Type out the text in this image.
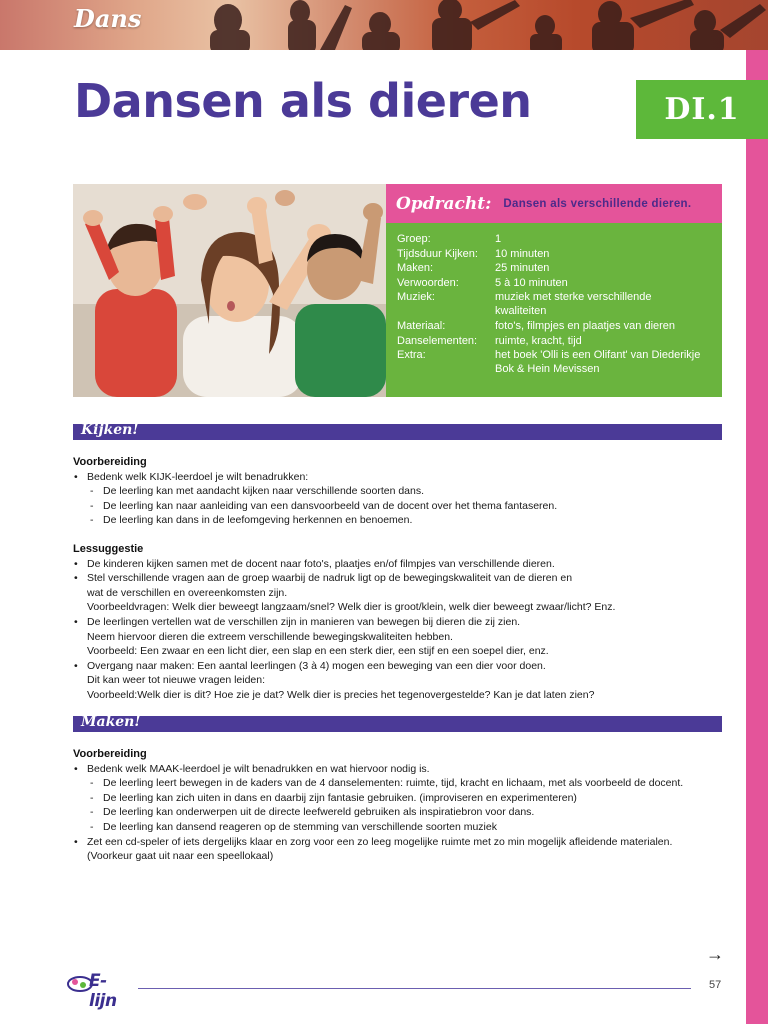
Dans
Dansen als dieren	DI.1
Opdracht: Dansen als verschillende dieren.
Groep:	1
Tijdsduur Kijken:	10 minuten
Maken:	25 minuten
Verwoorden:	5 à 10 minuten
Muziek:	muziek met sterke verschillende kwaliteiten
Materiaal:	foto's, filmpjes en plaatjes van dieren
Danselementen:	ruimte, kracht, tijd
Extra:	het boek 'Olli is een Olifant' van Diederikje Bok & Hein Mevissen
Kijken!
Voorbereiding
• Bedenk welk KIJK-leerdoel je wilt benadrukken:
- De leerling kan met aandacht kijken naar verschillende soorten dans.
- De leerling kan naar aanleiding van een dansvoorbeeld van de docent over het thema fantaseren.
- De leerling kan dans in de leefomgeving herkennen en benoemen.
Lessuggestie
• De kinderen kijken samen met de docent naar foto's, plaatjes en/of filmpjes van verschillende dieren.
• Stel verschillende vragen aan de groep waarbij de nadruk ligt op de bewegingskwaliteit van de dieren en
wat de verschillen en overeenkomsten zijn.
Voorbeeldvragen: Welk dier beweegt langzaam/snel? Welk dier is groot/klein, welk dier beweegt zwaar/licht? Enz.
• De leerlingen vertellen wat de verschillen zijn in manieren van bewegen bij dieren die zij zien.
Neem hiervoor dieren die extreem verschillende bewegingskwaliteiten hebben.
Voorbeeld: Een zwaar en een licht dier, een slap en een sterk dier, een stijf en een soepel dier, enz.
• Overgang naar maken: Een aantal leerlingen (3 à 4) mogen een beweging van een dier voor doen.
Dit kan weer tot nieuwe vragen leiden:
Voorbeeld:Welk dier is dit? Hoe zie je dat? Welk dier is precies het tegenovergestelde? Kan je dat laten zien?
Maken!
Voorbereiding
• Bedenk welk MAAK-leerdoel je wilt benadrukken en wat hiervoor nodig is.
- De leerling leert bewegen in de kaders van de 4 danselementen: ruimte, tijd, kracht en lichaam, met als voorbeeld de docent.
- De leerling kan zich uiten in dans en daarbij zijn fantasie gebruiken. (improviseren en experimenteren)
- De leerling kan onderwerpen uit de directe leefwereld gebruiken als inspiratiebron voor dans.
- De leerling kan dansend reageren op de stemming van verschillende soorten muziek
• Zet een cd-speler of iets dergelijks klaar en zorg voor een zo leeg mogelijke ruimte met zo min mogelijk afleidende materialen. (Voorkeur gaat uit naar een speellokaal)
→
E-lijn
57
